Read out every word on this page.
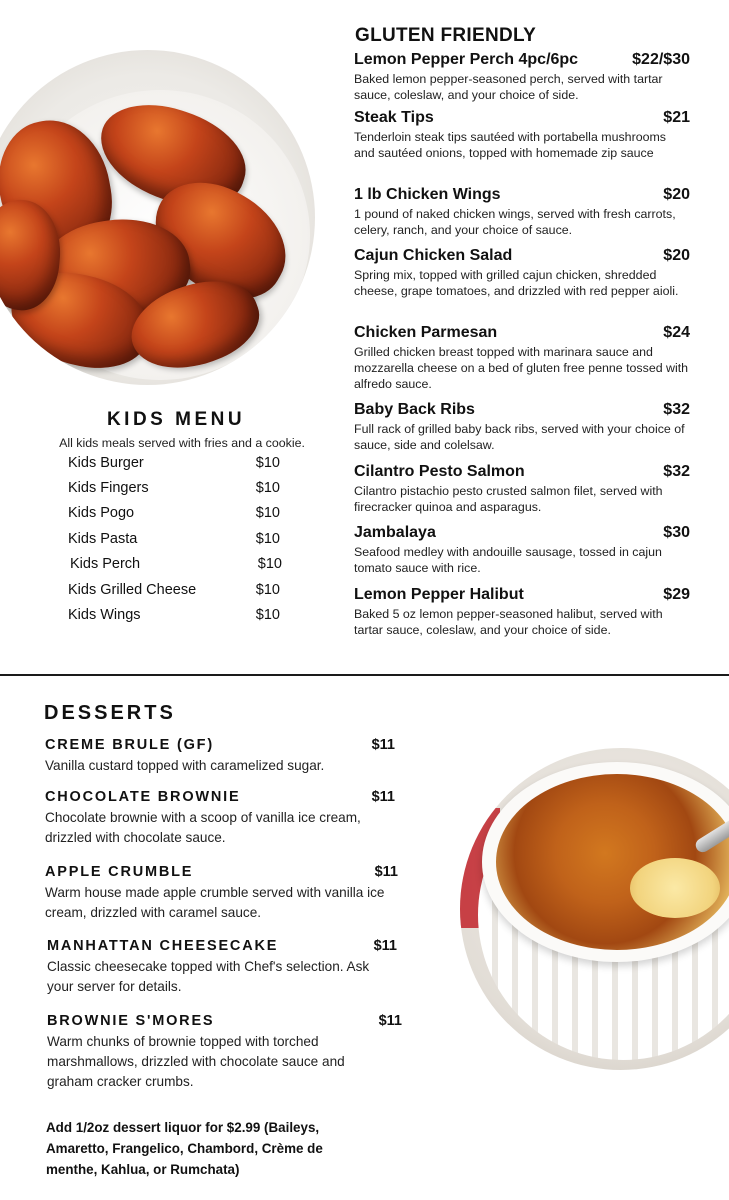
GLUTEN FRIENDLY
Lemon Pepper Perch 4pc/6pc	$22/$30
Baked lemon pepper-seasoned perch, served with tartar sauce, coleslaw, and your choice of side.
Steak Tips	$21
Tenderloin steak tips sautéed with portabella mushrooms and sautéed onions, topped with homemade zip sauce
1 lb Chicken Wings	$20
1 pound of naked chicken wings, served with fresh carrots, celery, ranch, and your choice of sauce.
Cajun Chicken Salad	$20
Spring mix, topped with grilled cajun chicken, shredded cheese, grape tomatoes, and drizzled with red pepper aioli.
Chicken Parmesan	$24
Grilled chicken breast topped with marinara sauce and mozzarella cheese on a bed of gluten free penne tossed with alfredo sauce.
Baby Back Ribs	$32
Full rack of grilled baby back ribs, served with your choice of sauce, side and colelsaw.
Cilantro Pesto Salmon	$32
Cilantro pistachio pesto crusted salmon filet, served with firecracker quinoa and asparagus.
Jambalaya	$30
Seafood medley with andouille sausage, tossed in cajun tomato sauce with rice.
Lemon Pepper Halibut	$29
Baked 5 oz lemon pepper-seasoned halibut, served with tartar sauce, coleslaw, and your choice of side.
KIDS MENU
All kids meals served with fries and a cookie.
Kids Burger	$10
Kids Fingers	$10
Kids Pogo	$10
Kids Pasta	$10
Kids Perch	$10
Kids Grilled Cheese	$10
Kids Wings	$10
DESSERTS
CREME BRULE (GF)	$11
Vanilla custard topped with caramelized sugar.
CHOCOLATE BROWNIE	$11
Chocolate brownie with a scoop of vanilla ice cream, drizzled with chocolate sauce.
APPLE CRUMBLE	$11
Warm house made apple crumble served with vanilla ice cream, drizzled with caramel sauce.
MANHATTAN CHEESECAKE	$11
Classic cheesecake topped with Chef's selection. Ask your server for details.
BROWNIE S'MORES	$11
Warm chunks of brownie topped with torched marshmallows, drizzled with chocolate sauce and graham cracker crumbs.
Add 1/2oz dessert liquor for $2.99 (Baileys, Amaretto, Frangelico, Chambord, Crème de menthe, Kahlua, or Rumchata)
